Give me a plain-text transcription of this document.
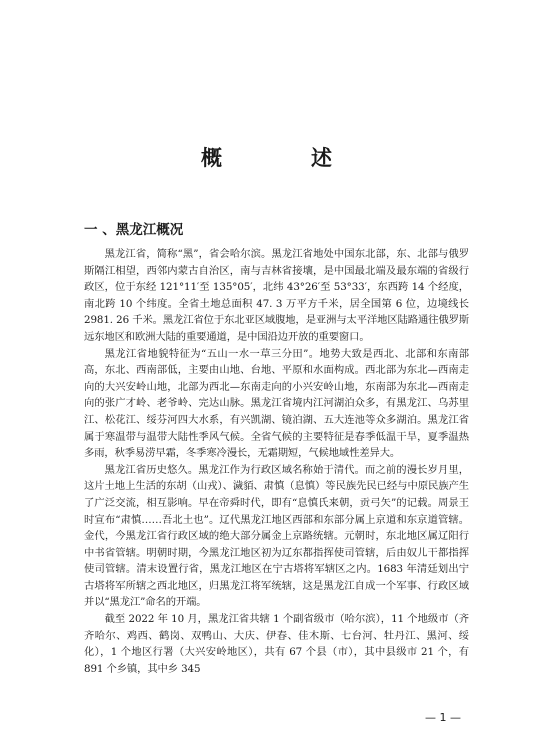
概　述
一 、黑龙江概况

黑龙江省，简称“黑”，省会哈尔滨。黑龙江省地处中国东北部，东、北部与俄罗斯隔江相望，西邻内蒙古自治区，南与吉林省接壤，是中国最北端及最东端的省级行政区，位于东经 121°11′至 135°05′，北纬 43°26′至 53°33′，东西跨 14 个经度，南北跨 10 个纬度。全省土地总面积 47. 3 万平方千米，居全国第 6 位，边境线长 2981. 26 千米。黑龙江省位于东北亚区域腹地，是亚洲与太平洋地区陆路通往俄罗斯远东地区和欧洲大陆的重要通道，是中国沿边开放的重要窗口。

黑龙江省地貌特征为“五山一水一草三分田”。地势大致是西北、北部和东南部高，东北、西南部低，主要由山地、台地、平原和水面构成。西北部为东北—西南走向的大兴安岭山地，北部为西北—东南走向的小兴安岭山地，东南部为东北—西南走向的张广才岭、老爷岭、完达山脉。黑龙江省境内江河湖泊众多，有黑龙江、乌苏里江、松花江、绥芬河四大水系，有兴凯湖、镜泊湖、五大连池等众多湖泊。黑龙江省属于寒温带与温带大陆性季风气候。全省气候的主要特征是春季低温干旱，夏季温热多雨，秋季易涝早霜，冬季寒冷漫长，无霜期短，气候地域性差异大。

黑龙江省历史悠久。黑龙江作为行政区域名称始于清代。而之前的漫长岁月里，这片土地上生活的东胡（山戎）、濊貊、肃慎（息慎）等民族先民已经与中原民族产生了广泛交流，相互影响。早在帝舜时代，即有“息慎氏来朝，贡弓矢”的记载。周景王时宣布“肃慎……吾北土也”。辽代黑龙江地区西部和东部分属上京道和东京道管辖。金代，今黑龙江省行政区域的绝大部分属金上京路统辖。元朝时，东北地区属辽阳行中书省管辖。明朝时期，今黑龙江地区初为辽东都指挥使司管辖，后由奴儿干都指挥使司管辖。清末设置行省，黑龙江地区在宁古塔将军辖区之内。1683 年清廷划出宁古塔将军所辖之西北地区，归黑龙江将军统辖，这是黑龙江自成一个军事、行政区域并以“黑龙江”命名的开端。

截至 2022 年 10 月，黑龙江省共辖 1 个副省级市（哈尔滨），11 个地级市（齐齐哈尔、鸡西、鹤岗、双鸭山、大庆、伊春、佳木斯、七台河、牡丹江、黑河、绥化），1 个地区行署（大兴安岭地区），共有 67 个县（市），其中县级市 21 个，有 891 个乡镇，其中乡 345

— 1 —
